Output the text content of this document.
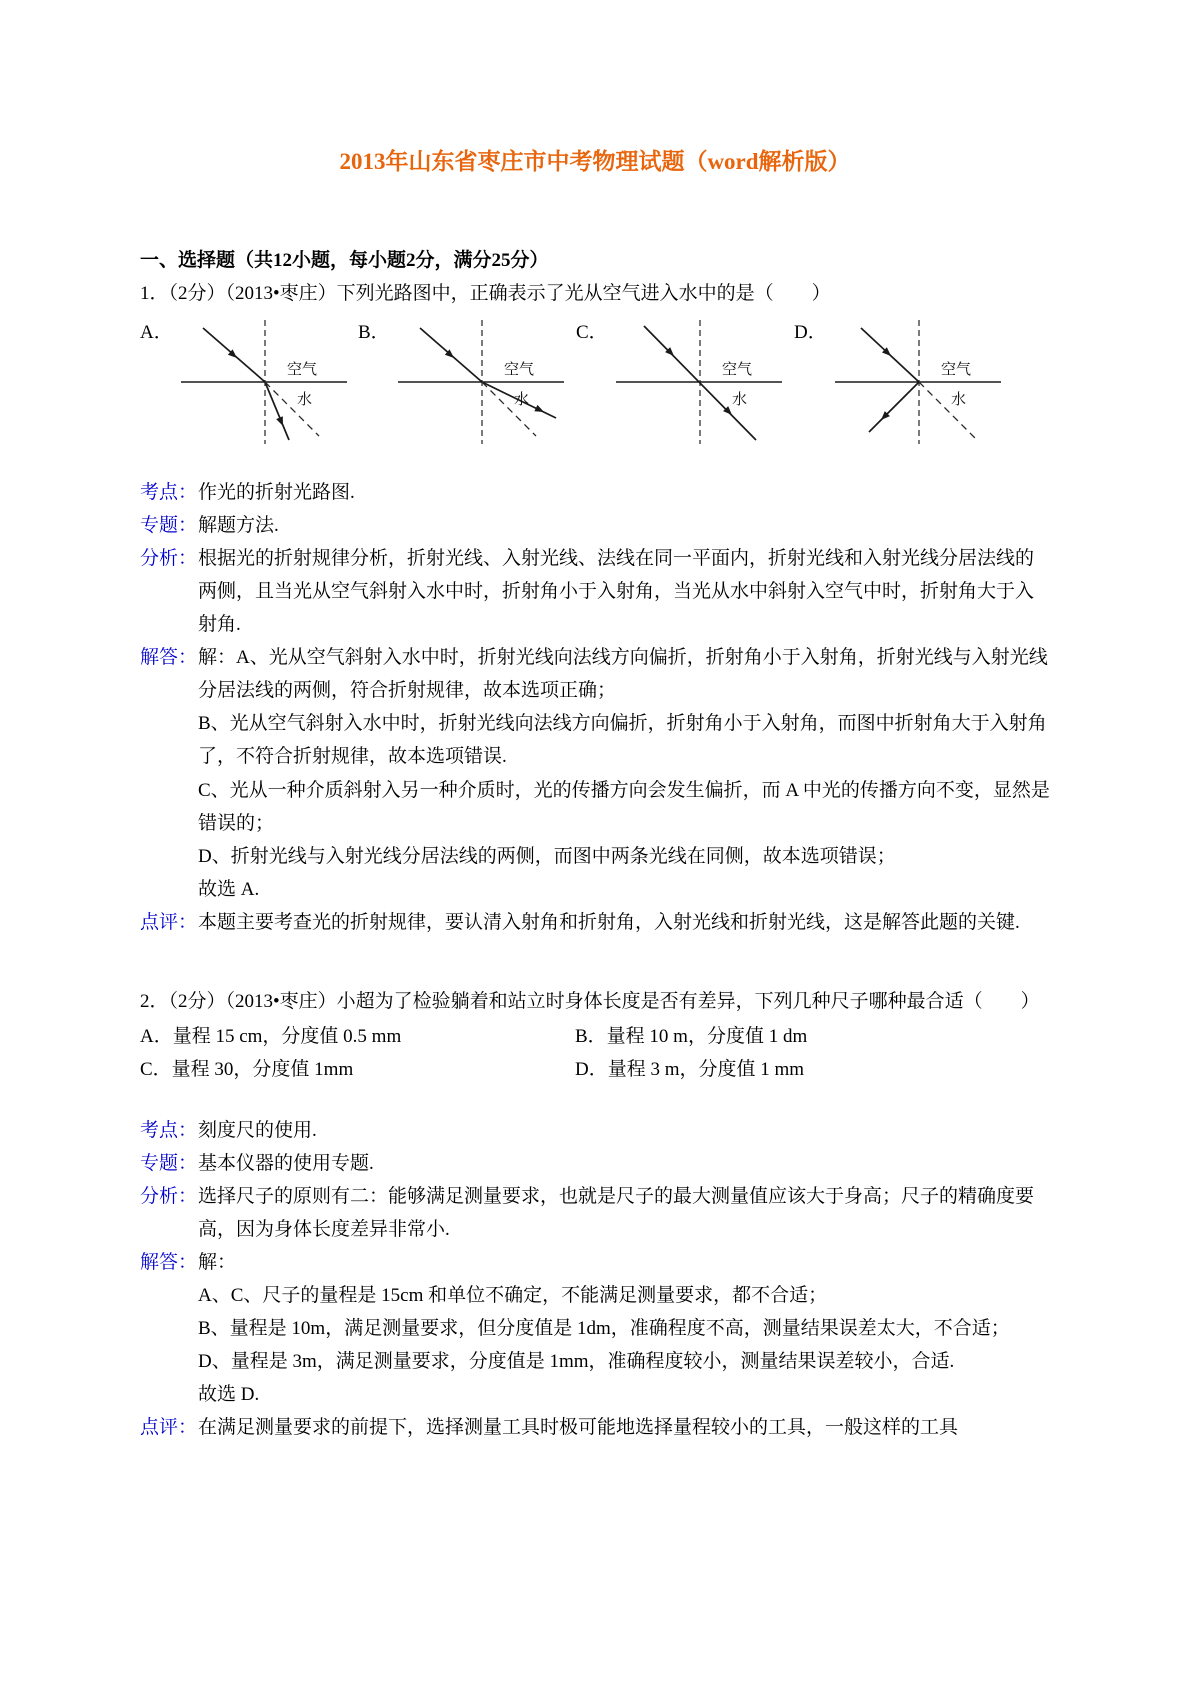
2013年山东省枣庄市中考物理试题（word解析版）
一、选择题（共12小题，每小题2分，满分25分）

1．（2分）（2013•枣庄）下列光路图中，正确表示了光从空气进入水中的是（　　）

A．
空气
水
B．
空气
水
C．
空气
水
D．
空气
水
考点： 作光的折射光路图.

专题： 解题方法.

分析： 根据光的折射规律分析，折射光线、入射光线、法线在同一平面内，折射光线和入射光线分居法线的两侧，且当光从空气斜射入水中时，折射角小于入射角，当光从水中斜射入空气中时，折射角大于入射角.

解答： 解：A、光从空气斜射入水中时，折射光线向法线方向偏折，折射角小于入射角，折射光线与入射光线分居法线的两侧，符合折射规律，故本选项正确；

B、光从空气斜射入水中时，折射光线向法线方向偏折，折射角小于入射角，而图中折射角大于入射角了，不符合折射规律，故本选项错误.

C、光从一种介质斜射入另一种介质时，光的传播方向会发生偏折，而 A 中光的传播方向不变，显然是错误的；

D、折射光线与入射光线分居法线的两侧，而图中两条光线在同侧，故本选项错误；

故选 A.

点评： 本题主要考查光的折射规律，要认清入射角和折射角，入射光线和折射光线，这是解答此题的关键.

2．（2分）（2013•枣庄）小超为了检验躺着和站立时身体长度是否有差异，下列几种尺子哪种最合适（　　）

A．量程 15 cm，分度值 0.5 mm	B．量程 10 m，分度值 1 dm
C．量程 30，分度值 1mm	D．量程 3 m，分度值 1 mm
考点： 刻度尺的使用.

专题： 基本仪器的使用专题.

分析： 选择尺子的原则有二：能够满足测量要求，也就是尺子的最大测量值应该大于身高；尺子的精确度要高，因为身体长度差异非常小.

解答： 解：

A、C、尺子的量程是 15cm 和单位不确定，不能满足测量要求，都不合适；

B、量程是 10m，满足测量要求，但分度值是 1dm，准确程度不高，测量结果误差太大，不合适；

D、量程是 3m，满足测量要求，分度值是 1mm，准确程度较小，测量结果误差较小，合适.

故选 D.

点评： 在满足测量要求的前提下，选择测量工具时极可能地选择量程较小的工具，一般这样的工具
